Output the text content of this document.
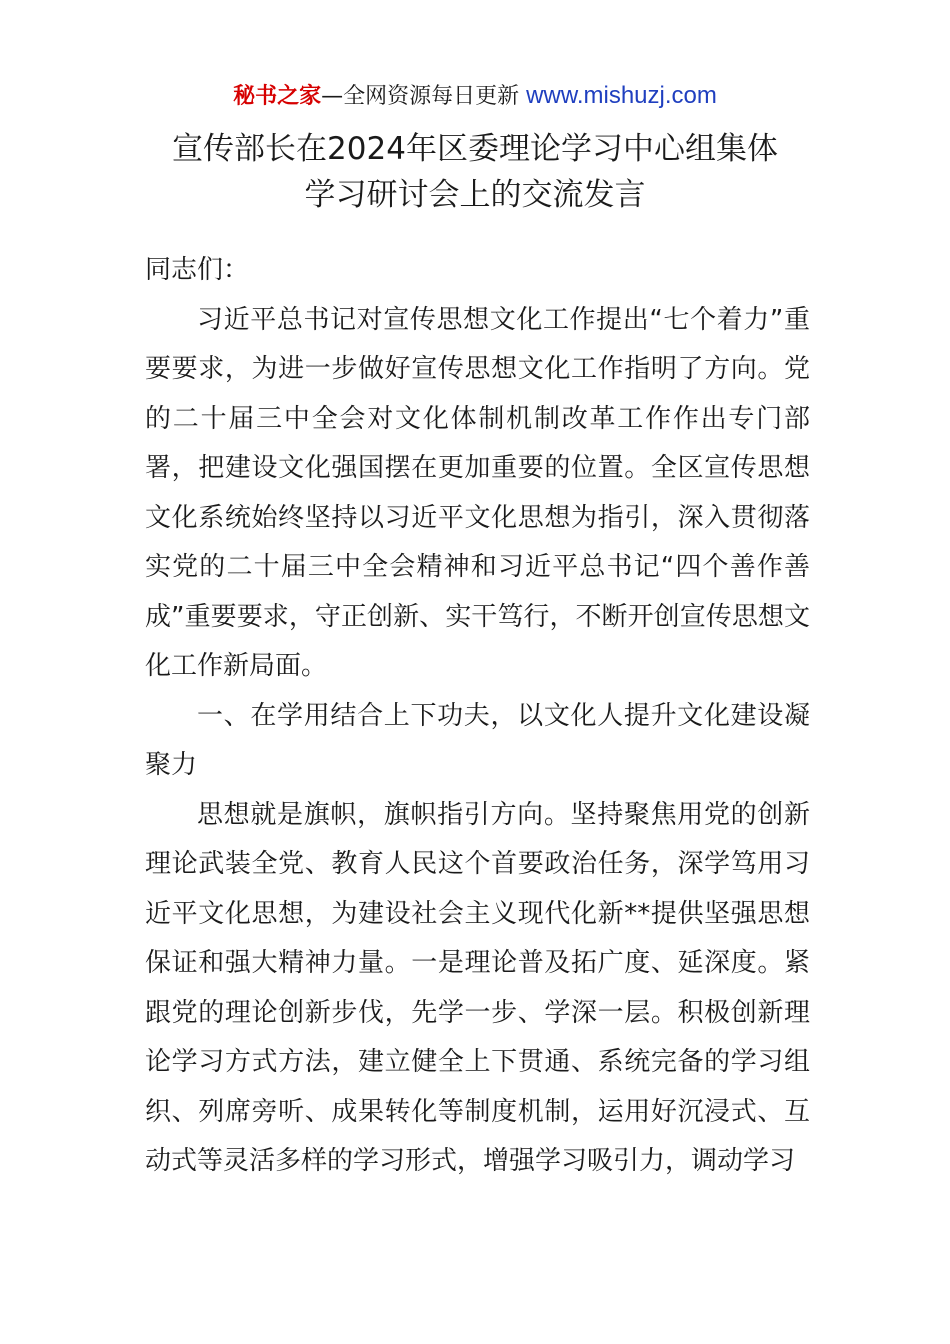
秘书之家—全网资源每日更新 www.mishuzj.com
宣传部长在2024年区委理论学习中心组集体
学习研讨会上的交流发言

同志们：

习近平总书记对宣传思想文化工作提出“七个着力”重要要求，为进一步做好宣传思想文化工作指明了方向。党的二十届三中全会对文化体制机制改革工作作出专门部署，把建设文化强国摆在更加重要的位置。全区宣传思想文化系统始终坚持以习近平文化思想为指引，深入贯彻落实党的二十届三中全会精神和习近平总书记“四个善作善成”重要要求，守正创新、实干笃行，不断开创宣传思想文化工作新局面。

一、在学用结合上下功夫，以文化人提升文化建设凝聚力

思想就是旗帜，旗帜指引方向。坚持聚焦用党的创新理论武装全党、教育人民这个首要政治任务，深学笃用习近平文化思想，为建设社会主义现代化新**提供坚强思想保证和强大精神力量。一是理论普及拓广度、延深度。紧跟党的理论创新步伐，先学一步、学深一层。积极创新理论学习方式方法，建立健全上下贯通、系统完备的学习组织、列席旁听、成果转化等制度机制，运用好沉浸式、互动式等灵活多样的学习形式，增强学习吸引力，调动学习
